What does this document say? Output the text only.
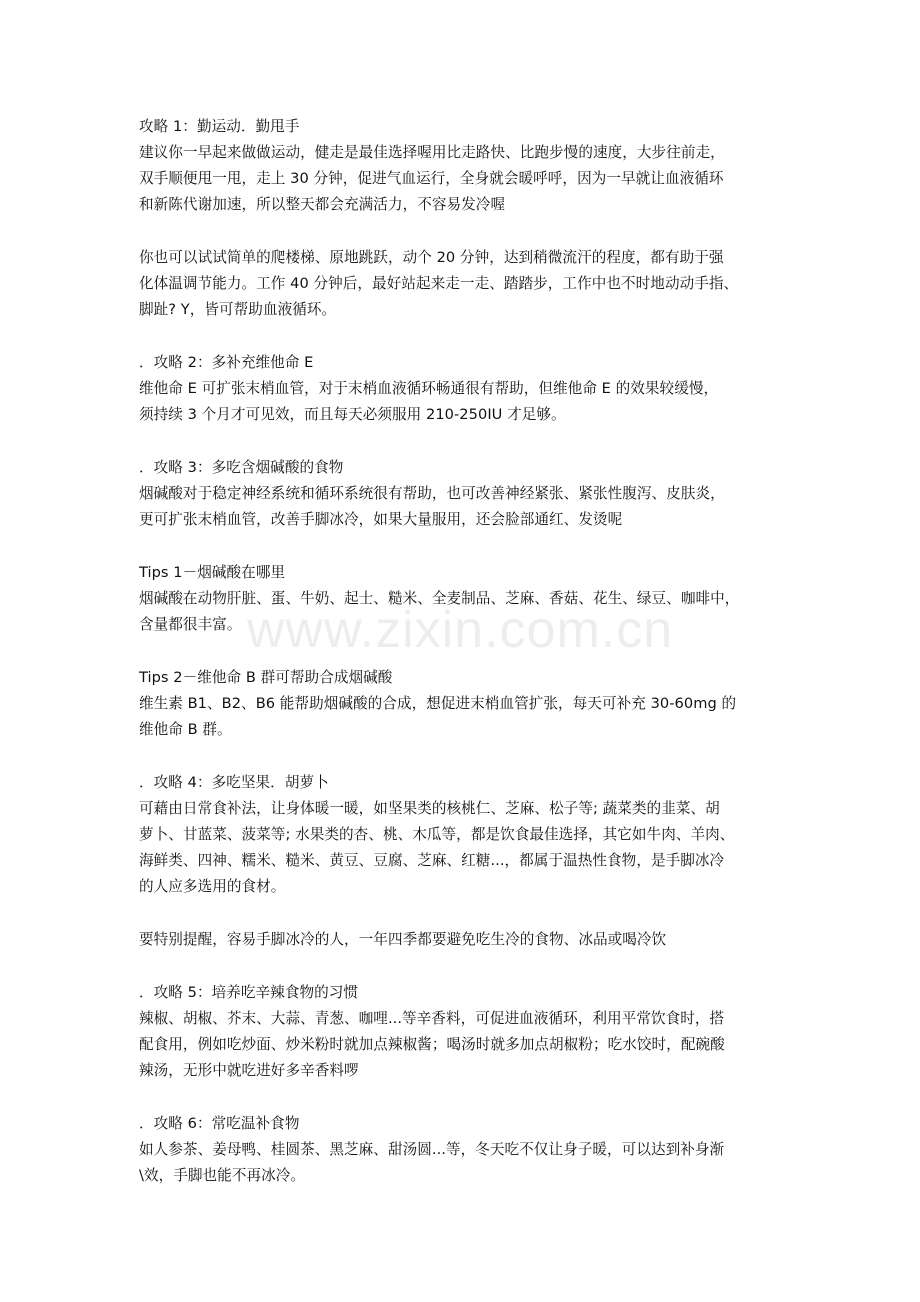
www.zixin.com.cn

攻略 1：勤运动．勤甩手

建议你一早起来做做运动，健走是最佳选择喔用比走路快、比跑步慢的速度，大步往前走，

双手顺便甩一甩，走上 30 分钟，促进气血运行，全身就会暖呼呼，因为一早就让血液循环

和新陈代谢加速，所以整天都会充满活力，不容易发冷喔

你也可以试试简单的爬楼梯、原地跳跃，动个 20 分钟，达到稍微流汗的程度，都有助于强

化体温调节能力。工作 40 分钟后，最好站起来走一走、踏踏步，工作中也不时地动动手指、

脚趾? Y，皆可帮助血液循环。

．攻略 2：多补充维他命 E

维他命 E 可扩张末梢血管，对于末梢血液循环畅通很有帮助，但维他命 E 的效果较缓慢，

须持续 3 个月才可见效，而且每天必须服用 210-250IU 才足够。

．攻略 3：多吃含烟碱酸的食物

烟碱酸对于稳定神经系统和循环系统很有帮助，也可改善神经紧张、紧张性腹泻、皮肤炎，

更可扩张末梢血管，改善手脚冰冷，如果大量服用，还会脸部通红、发烫呢

Tips 1－烟碱酸在哪里

烟碱酸在动物肝脏、蛋、牛奶、起士、糙米、全麦制品、芝麻、香菇、花生、绿豆、咖啡中，

含量都很丰富。

Tips 2－维他命 B 群可帮助合成烟碱酸

维生素 B1、B2、B6 能帮助烟碱酸的合成，想促进末梢血管扩张，每天可补充 30-60mg 的

维他命 B 群。

．攻略 4：多吃坚果．胡萝卜

可藉由日常食补法，让身体暖一暖，如坚果类的核桃仁、芝麻、松子等; 蔬菜类的韭菜、胡

萝卜、甘蓝菜、菠菜等; 水果类的杏、桃、木瓜等，都是饮食最佳选择，其它如牛肉、羊肉、

海鲜类、四神、糯米、糙米、黄豆、豆腐、芝麻、红糖...，都属于温热性食物，是手脚冰冷

的人应多选用的食材。

要特别提醒，容易手脚冰冷的人，一年四季都要避免吃生冷的食物、冰品或喝冷饮

．攻略 5：培养吃辛辣食物的习惯

辣椒、胡椒、芥末、大蒜、青葱、咖哩...等辛香料，可促进血液循环，利用平常饮食时，搭

配食用，例如吃炒面、炒米粉时就加点辣椒酱；喝汤时就多加点胡椒粉；吃水饺时，配碗酸

辣汤，无形中就吃进好多辛香料啰

．攻略 6：常吃温补食物

如人参茶、姜母鸭、桂圆茶、黑芝麻、甜汤圆...等，冬天吃不仅让身子暖，可以达到补身渐

\效，手脚也能不再冰冷。
